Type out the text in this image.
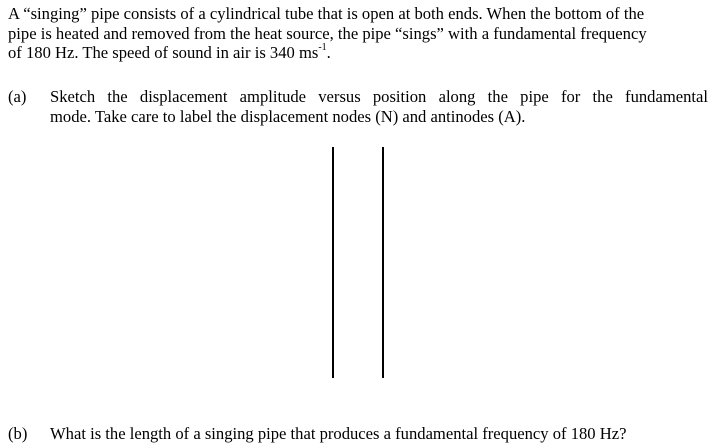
A “singing” pipe consists of a cylindrical tube that is open at both ends. When the bottom of the
pipe is heated and removed from the heat source, the pipe “sings” with a fundamental frequency
of 180 Hz. The speed of sound in air is 340 $ms^{-1}$.
(a) Sketch the displacement amplitude versus position along the pipe for the fundamental
mode. Take care to label the displacement nodes (N) and antinodes (A).
(b) What is the length of a singing pipe that produces a fundamental frequency of 180 Hz?
